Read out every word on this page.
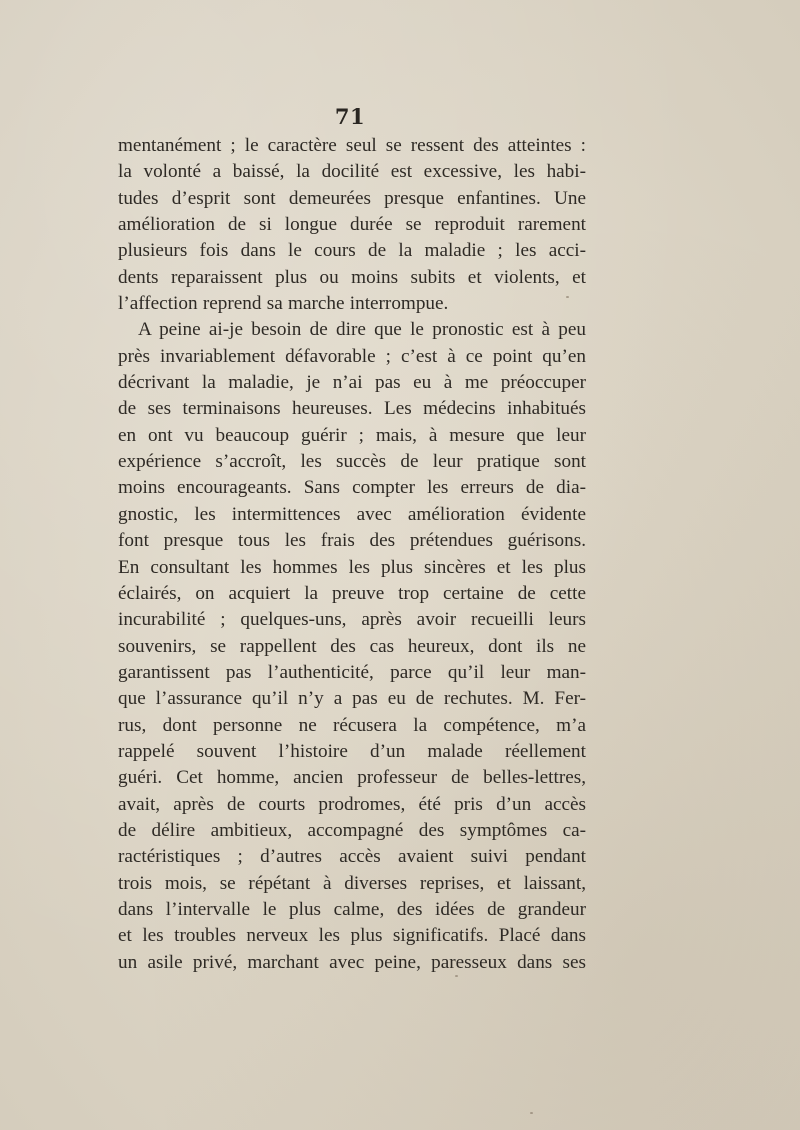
71
mentanément ; le caractère seul se ressent des atteintes :
la volonté a baissé, la docilité est excessive, les habi-
tudes d’esprit sont demeurées presque enfantines. Une
amélioration de si longue durée se reproduit rarement
plusieurs fois dans le cours de la maladie ; les acci-
dents reparaissent plus ou moins subits et violents, et
l’affection reprend sa marche interrompue.
A peine ai-je besoin de dire que le pronostic est à peu
près invariablement défavorable ; c’est à ce point qu’en
décrivant la maladie, je n’ai pas eu à me préoccuper
de ses terminaisons heureuses. Les médecins inhabitués
en ont vu beaucoup guérir ; mais, à mesure que leur
expérience s’accroît, les succès de leur pratique sont
moins encourageants. Sans compter les erreurs de dia-
gnostic, les intermittences avec amélioration évidente
font presque tous les frais des prétendues guérisons.
En consultant les hommes les plus sincères et les plus
éclairés, on acquiert la preuve trop certaine de cette
incurabilité ; quelques-uns, après avoir recueilli leurs
souvenirs, se rappellent des cas heureux, dont ils ne
garantissent pas l’authenticité, parce qu’il leur man-
que l’assurance qu’il n’y a pas eu de rechutes. M. Fer-
rus, dont personne ne récusera la compétence, m’a
rappelé souvent l’histoire d’un malade réellement
guéri. Cet homme, ancien professeur de belles-lettres,
avait, après de courts prodromes, été pris d’un accès
de délire ambitieux, accompagné des symptômes ca-
ractéristiques ; d’autres accès avaient suivi pendant
trois mois, se répétant à diverses reprises, et laissant,
dans l’intervalle le plus calme, des idées de grandeur
et les troubles nerveux les plus significatifs. Placé dans
un asile privé, marchant avec peine, paresseux dans ses
